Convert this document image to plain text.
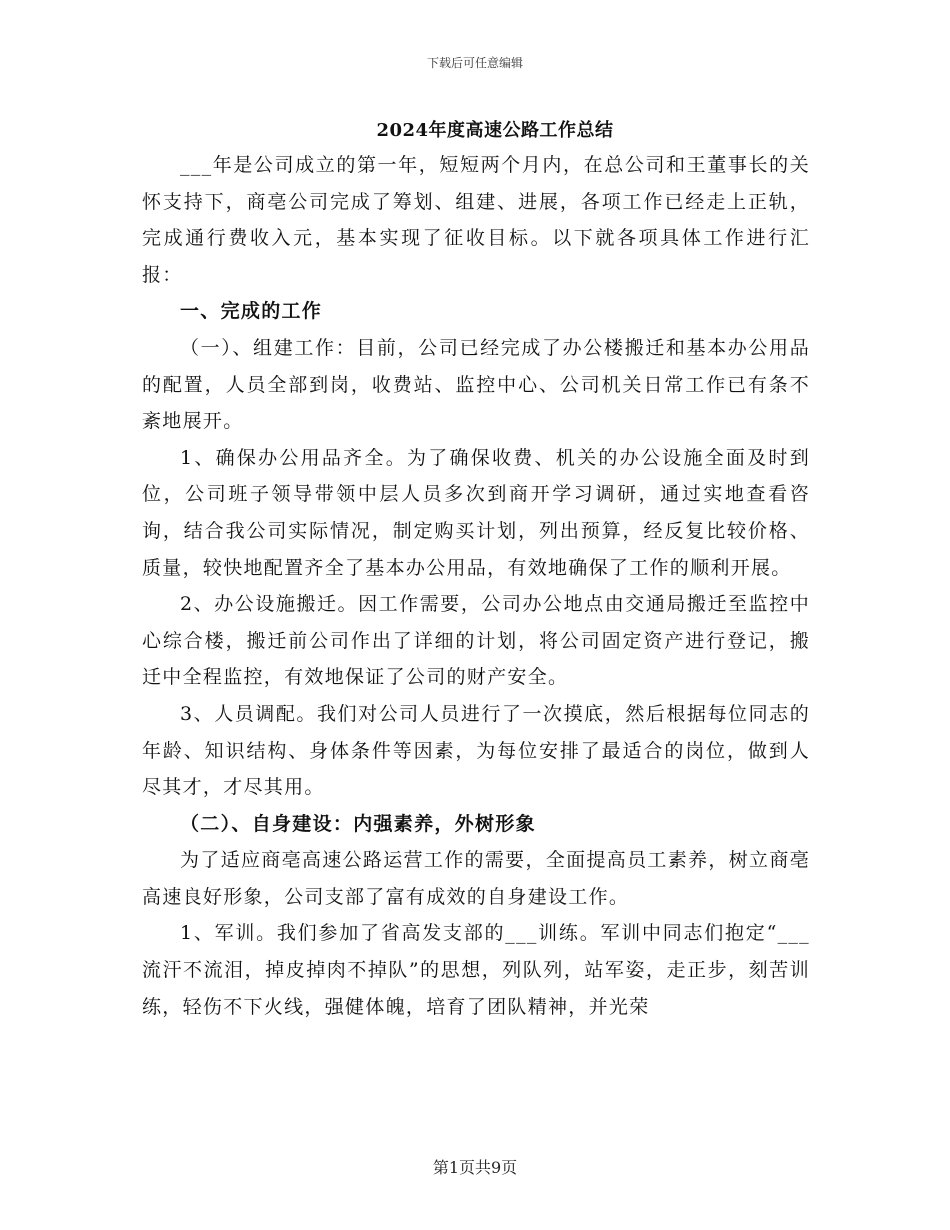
下载后可任意编辑
2024年度高速公路工作总结

___年是公司成立的第一年，短短两个月内，在总公司和王董事长的关怀支持下，商亳公司完成了筹划、组建、进展，各项工作已经走上正轨，完成通行费收入元，基本实现了征收目标。以下就各项具体工作进行汇报：

一、完成的工作

（一）、组建工作：目前，公司已经完成了办公楼搬迁和基本办公用品的配置，人员全部到岗，收费站、监控中心、公司机关日常工作已有条不紊地展开。

1、确保办公用品齐全。为了确保收费、机关的办公设施全面及时到位，公司班子领导带领中层人员多次到商开学习调研，通过实地查看咨询，结合我公司实际情况，制定购买计划，列出预算，经反复比较价格、质量，较快地配置齐全了基本办公用品，有效地确保了工作的顺利开展。

2、办公设施搬迁。因工作需要，公司办公地点由交通局搬迁至监控中心综合楼，搬迁前公司作出了详细的计划，将公司固定资产进行登记，搬迁中全程监控，有效地保证了公司的财产安全。

3、人员调配。我们对公司人员进行了一次摸底，然后根据每位同志的年龄、知识结构、身体条件等因素，为每位安排了最适合的岗位，做到人尽其才，才尽其用。

（二）、自身建设：内强素养，外树形象

为了适应商亳高速公路运营工作的需要，全面提高员工素养，树立商亳高速良好形象，公司支部了富有成效的自身建设工作。

1、军训。我们参加了省高发支部的___训练。军训中同志们抱定“___流汗不流泪，掉皮掉肉不掉队”的思想，列队列，站军姿，走正步，刻苦训练，轻伤不下火线，强健体魄，培育了团队精神，并光荣

第1页共9页
